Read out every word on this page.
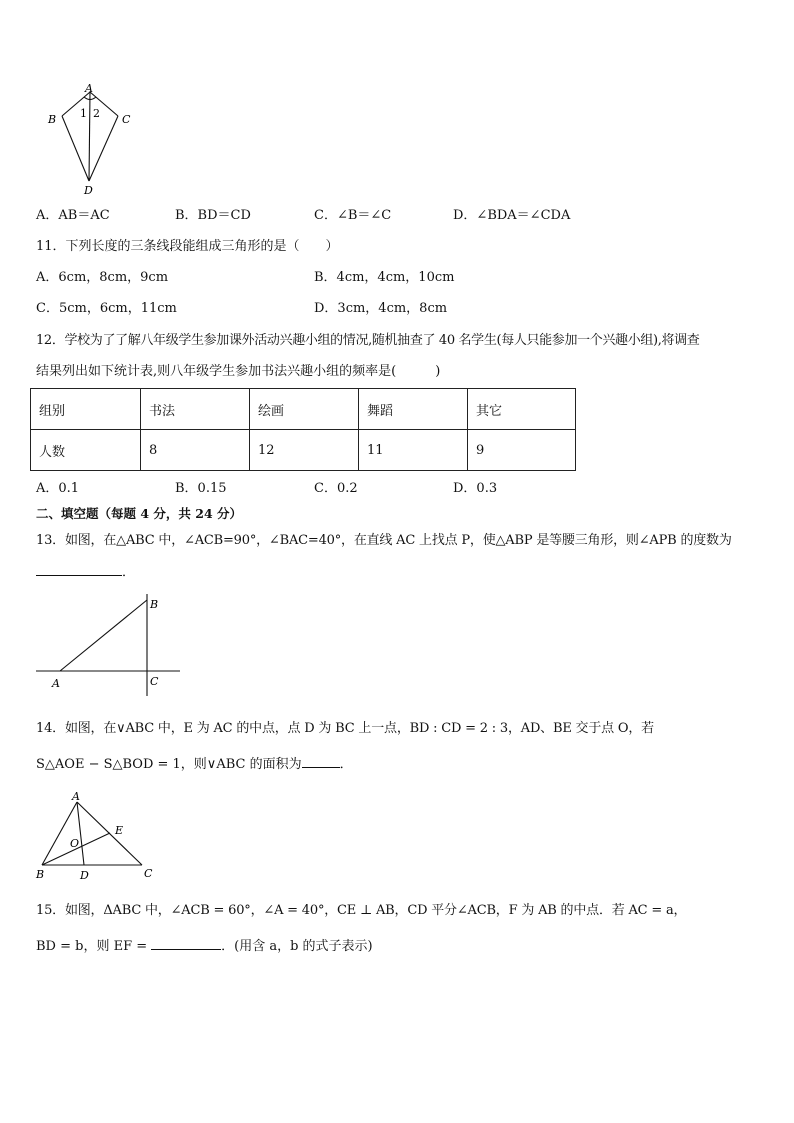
A
B	C
D
1 2
A．AB＝AC	B．BD＝CD	C．∠B＝∠C	D．∠BDA＝∠CDA
11．下列长度的三条线段能组成三角形的是（　　）
A．6cm，8cm，9cm	B．4cm，4cm，10cm
C．5cm，6cm，11cm	D．3cm，4cm，8cm
12．学校为了了解八年级学生参加课外活动兴趣小组的情况,随机抽查了 40 名学生(每人只能参加一个兴趣小组),将调查
结果列出如下统计表,则八年级学生参加书法兴趣小组的频率是(　　　)
组别	书法	绘画	舞蹈	其它
人数	8	12	11	9
A．0.1	B．0.15	C．0.2	D．0.3
二、填空题（每题 4 分，共 24 分）
13．如图，在△ABC 中，∠ACB=90°，∠BAC=40°，在直线 AC 上找点 P，使△ABP 是等腰三角形，则∠APB 的度数为
．
A
B
C
14．如图，在∨ABC 中，E 为 AC 的中点，点 D 为 BC 上一点，BD : CD = 2 : 3，AD、BE 交于点 O，若
S△AOE − S△BOD = 1，则∨ABC 的面积为	．
A
B	D	C
E
O
15．如图，ΔABC 中，∠ACB = 60°，∠A = 40°，CE ⊥ AB，CD 平分∠ACB，F 为 AB 的中点．若 AC = a，
BD = b，则 EF =	．(用含 a，b 的式子表示)
